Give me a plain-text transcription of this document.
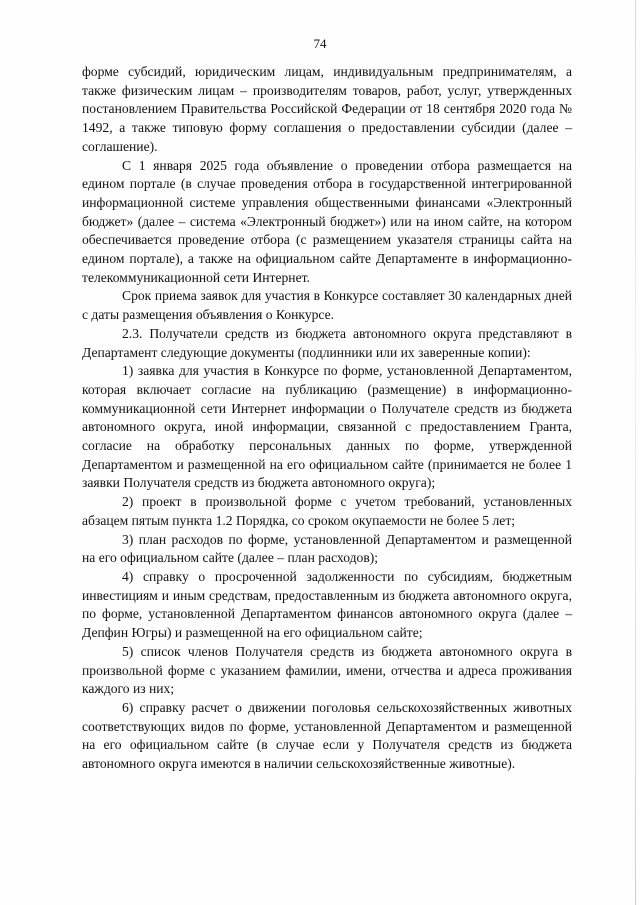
74

форме субсидий, юридическим лицам, индивидуальным предпринимателям, а также физическим лицам – производителям товаров, работ, услуг, утвержденных постановлением Правительства Российской Федерации от 18 сентября 2020 года № 1492, а также типовую форму соглашения о предоставлении субсидии (далее – соглашение).

С 1 января 2025 года объявление о проведении отбора размещается на едином портале (в случае проведения отбора в государственной интегрированной информационной системе управления общественными финансами «Электронный бюджет» (далее – система «Электронный бюджет») или на ином сайте, на котором обеспечивается проведение отбора (с размещением указателя страницы сайта на едином портале), а также на официальном сайте Департаменте в информационно-телекоммуникационной сети Интернет.

Срок приема заявок для участия в Конкурсе составляет 30 календарных дней с даты размещения объявления о Конкурсе.

2.3. Получатели средств из бюджета автономного округа представляют в Департамент следующие документы (подлинники или их заверенные копии):

1) заявка для участия в Конкурсе по форме, установленной Департаментом, которая включает согласие на публикацию (размещение) в информационно-коммуникационной сети Интернет информации о Получателе средств из бюджета автономного округа, иной информации, связанной с предоставлением Гранта, согласие на обработку персональных данных по форме, утвержденной Департаментом и размещенной на его официальном сайте (принимается не более 1 заявки Получателя средств из бюджета автономного округа);

2) проект в произвольной форме с учетом требований, установленных абзацем пятым пункта 1.2 Порядка, со сроком окупаемости не более 5 лет;

3) план расходов по форме, установленной Департаментом и размещенной на его официальном сайте (далее – план расходов);

4) справку о просроченной задолженности по субсидиям, бюджетным инвестициям и иным средствам, предоставленным из бюджета автономного округа, по форме, установленной Департаментом финансов автономного округа (далее – Депфин Югры) и размещенной на его официальном сайте;

5) список членов Получателя средств из бюджета автономного округа в произвольной форме с указанием фамилии, имени, отчества и адреса проживания каждого из них;

6) справку расчет о движении поголовья сельскохозяйственных животных соответствующих видов по форме, установленной Департаментом и размещенной на его официальном сайте (в случае если у Получателя средств из бюджета автономного округа имеются в наличии сельскохозяйственные животные).
